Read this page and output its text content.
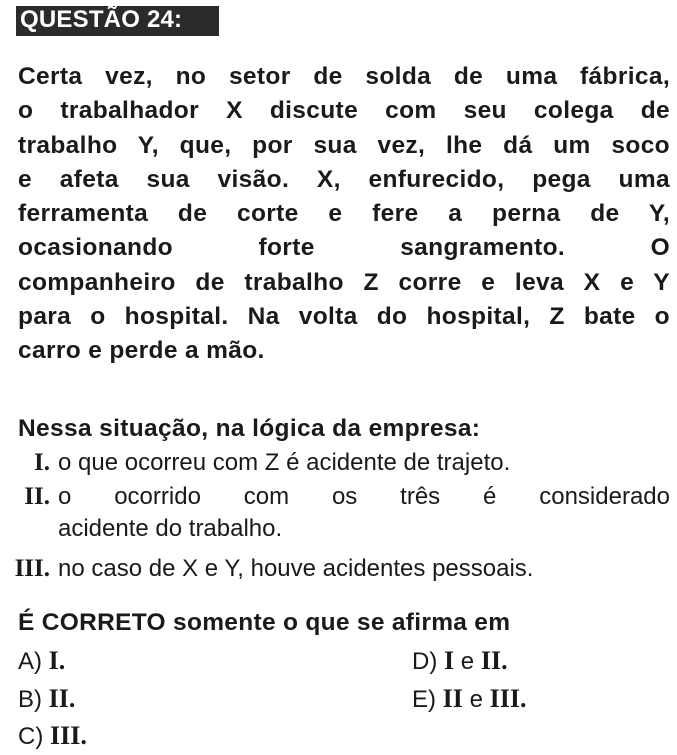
QUESTÃO 24:
Certa vez, no setor de solda de uma fábrica,
o trabalhador X discute com seu colega de
trabalho Y, que, por sua vez, lhe dá um soco
e afeta sua visão. X, enfurecido, pega uma
ferramenta de corte e fere a perna de Y,
ocasionando forte sangramento. O
companheiro de trabalho Z corre e leva X e Y
para o hospital. Na volta do hospital, Z bate o
carro e perde a mão.
Nessa situação, na lógica da empresa:
I. o que ocorreu com Z é acidente de trajeto.
II. o ocorrido com os três é considerado
acidente do trabalho.
III. no caso de X e Y, houve acidentes pessoais.
É CORRETO somente o que se afirma em
A) I.
B) II.
C) III.
D) I e II.
E) II e III.
